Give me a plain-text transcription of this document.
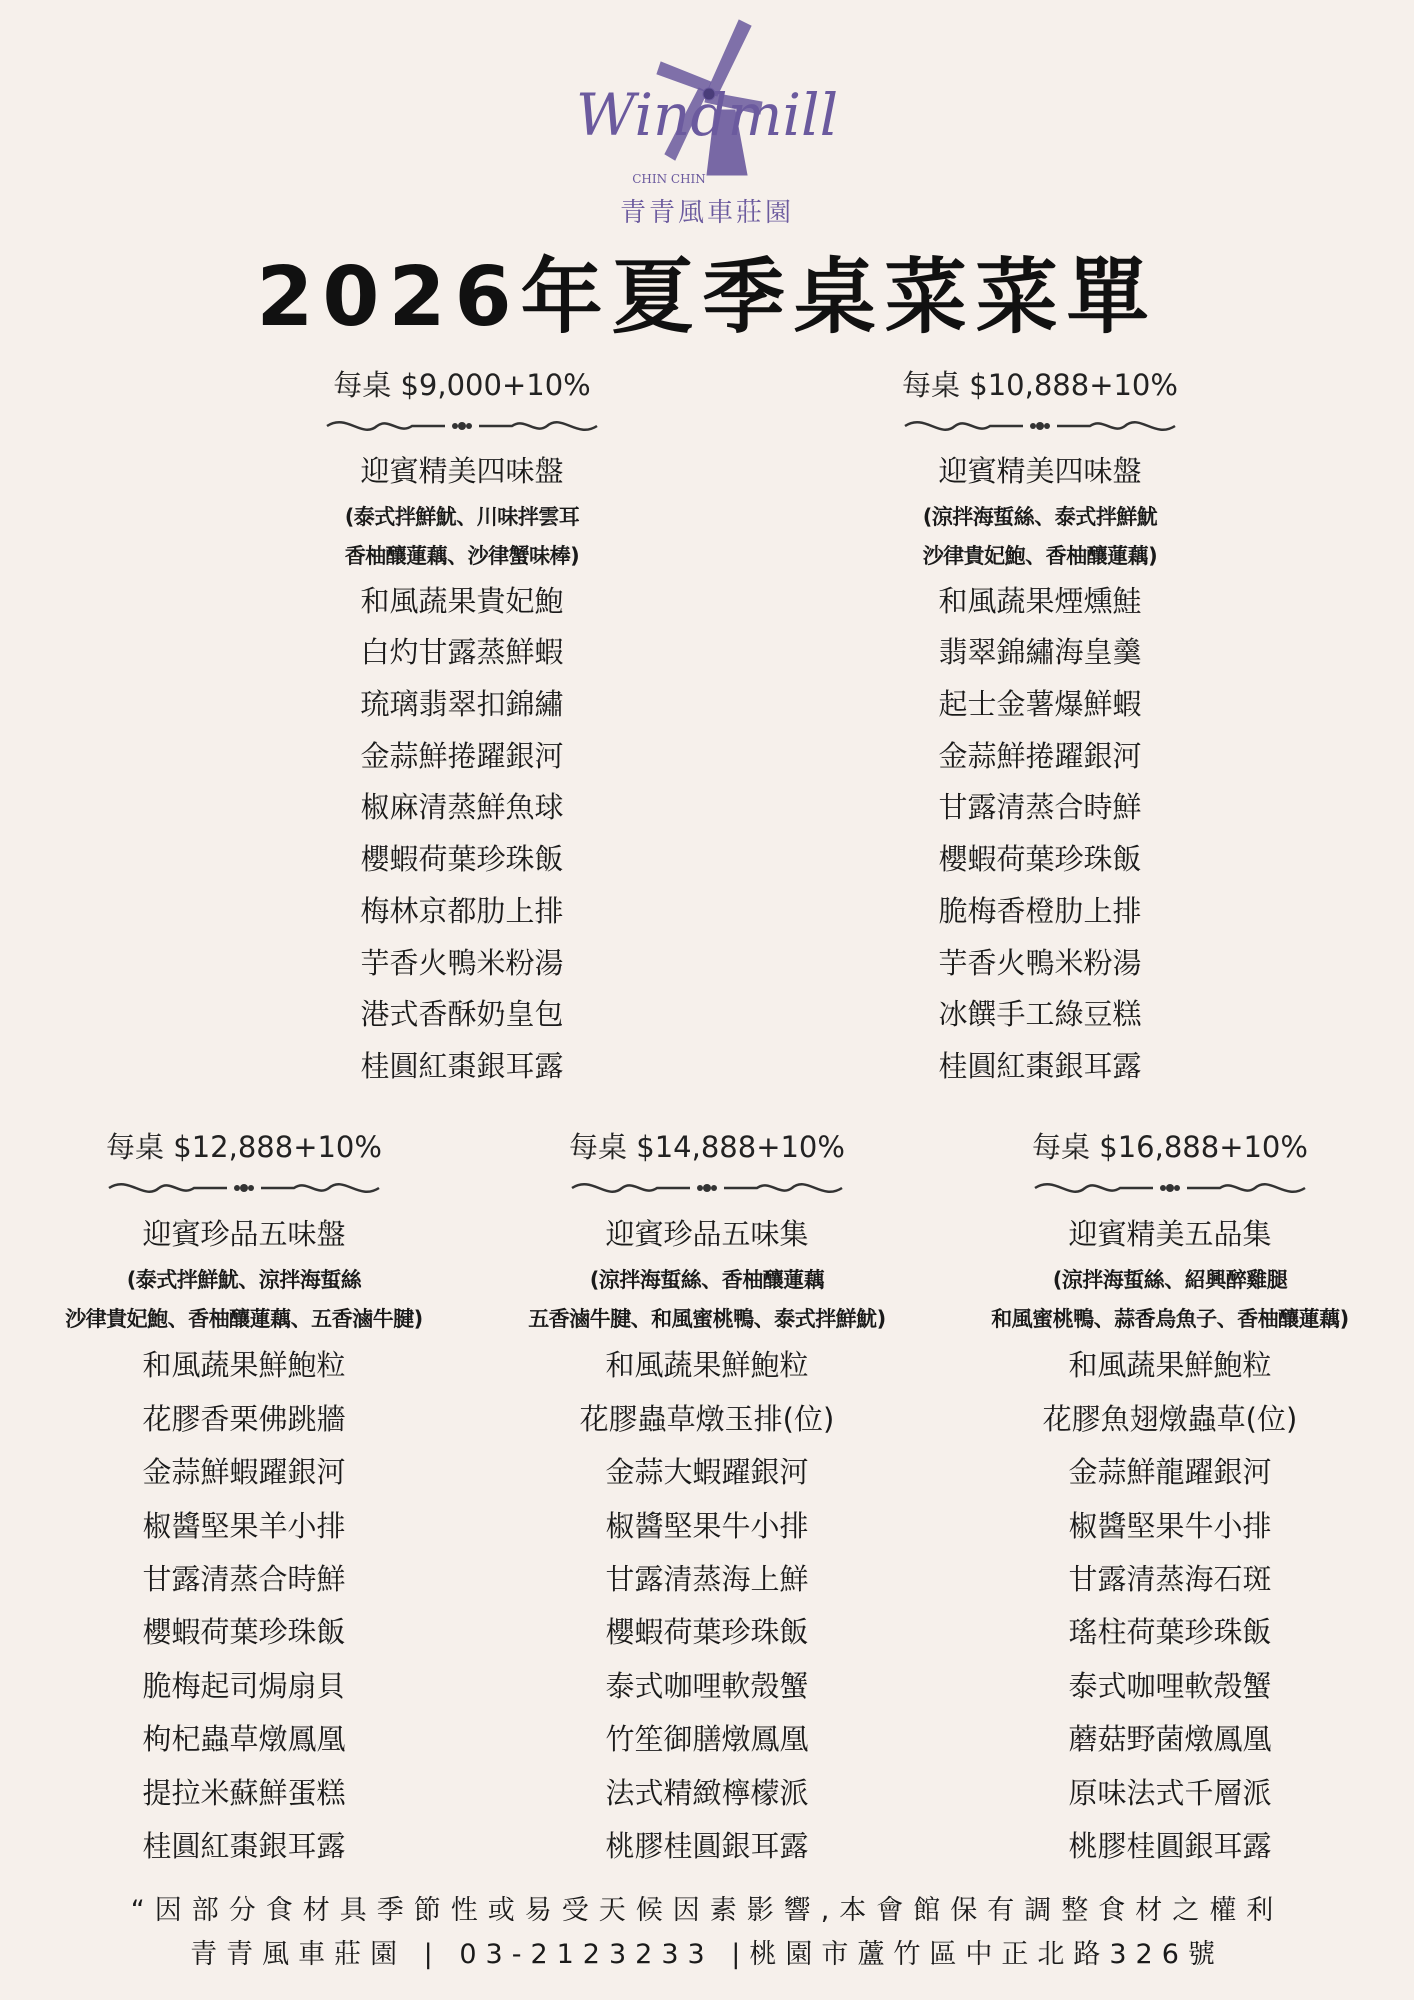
Windmill
CHIN CHIN
青青風車莊園
2026年夏季桌菜菜單
每桌 $9,000+10%
迎賓精美四味盤
(泰式拌鮮魷、川味拌雲耳
香柚釀蓮藕、沙律蟹味棒)
和風蔬果貴妃鮑
白灼甘露蒸鮮蝦
琉璃翡翠扣錦繡
金蒜鮮捲躍銀河
椒麻清蒸鮮魚球
櫻蝦荷葉珍珠飯
梅林京都肋上排
芋香火鴨米粉湯
港式香酥奶皇包
桂圓紅棗銀耳露
每桌 $10,888+10%
迎賓精美四味盤
(涼拌海蜇絲、泰式拌鮮魷
沙律貴妃鮑、香柚釀蓮藕)
和風蔬果煙燻鮭
翡翠錦繡海皇羹
起士金薯爆鮮蝦
金蒜鮮捲躍銀河
甘露清蒸合時鮮
櫻蝦荷葉珍珠飯
脆梅香橙肋上排
芋香火鴨米粉湯
冰饌手工綠豆糕
桂圓紅棗銀耳露
每桌 $12,888+10%
迎賓珍品五味盤
(泰式拌鮮魷、涼拌海蜇絲
沙律貴妃鮑、香柚釀蓮藕、五香滷牛腱)
和風蔬果鮮鮑粒
花膠香栗佛跳牆
金蒜鮮蝦躍銀河
椒醬堅果羊小排
甘露清蒸合時鮮
櫻蝦荷葉珍珠飯
脆梅起司焗扇貝
枸杞蟲草燉鳳凰
提拉米蘇鮮蛋糕
桂圓紅棗銀耳露
每桌 $14,888+10%
迎賓珍品五味集
(涼拌海蜇絲、香柚釀蓮藕
五香滷牛腱、和風蜜桃鴨、泰式拌鮮魷)
和風蔬果鮮鮑粒
花膠蟲草燉玉排(位)
金蒜大蝦躍銀河
椒醬堅果牛小排
甘露清蒸海上鮮
櫻蝦荷葉珍珠飯
泰式咖哩軟殼蟹
竹笙御膳燉鳳凰
法式精緻檸檬派
桃膠桂圓銀耳露
每桌 $16,888+10%
迎賓精美五品集
(涼拌海蜇絲、紹興醉雞腿
和風蜜桃鴨、蒜香烏魚子、香柚釀蓮藕)
和風蔬果鮮鮑粒
花膠魚翅燉蟲草(位)
金蒜鮮龍躍銀河
椒醬堅果牛小排
甘露清蒸海石斑
瑤柱荷葉珍珠飯
泰式咖哩軟殼蟹
蘑菇野菌燉鳳凰
原味法式千層派
桃膠桂圓銀耳露
“因部分食材具季節性或易受天候因素影響,本會館保有調整食材之權利
青青風車莊園 | 03-2123233 |桃園市蘆竹區中正北路326號
